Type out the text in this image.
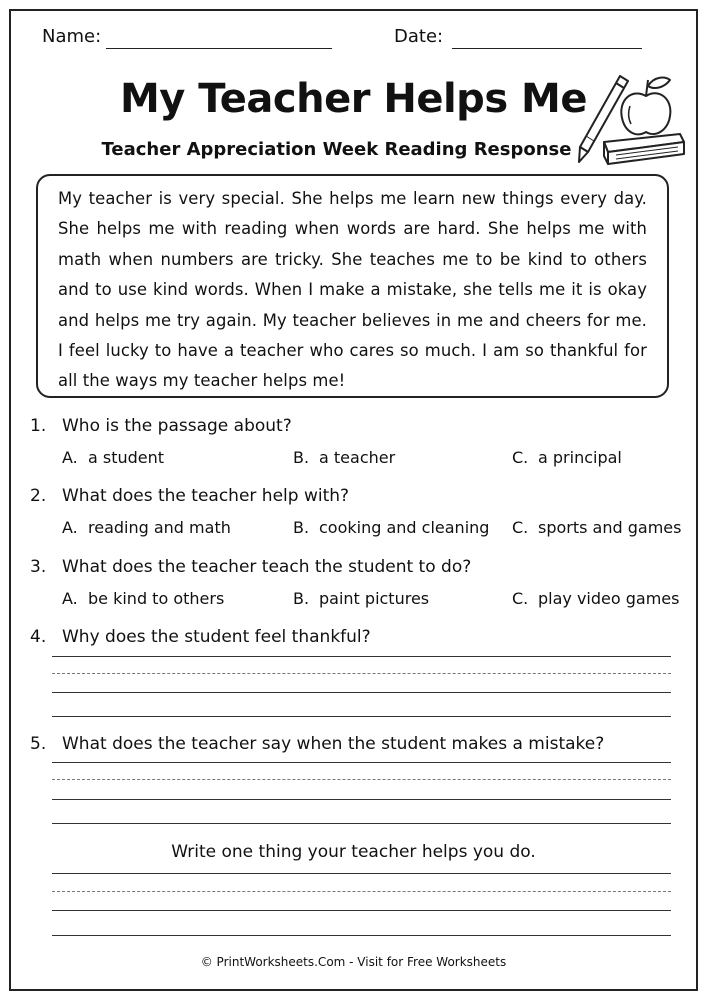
Name:	Date:
My Teacher Helps Me
Teacher Appreciation Week Reading Response

My teacher is very special. She helps me learn new things every day. She helps me with reading when words are hard. She helps me with math when numbers are tricky. She teaches me to be kind to others and to use kind words. When I make a mistake, she tells me it is okay and helps me try again. My teacher believes in me and cheers for me. I feel lucky to have a teacher who cares so much. I am so thankful for all the ways my teacher helps me!

1. Who is the passage about?
A. a student	B. a teacher	C. a principal
2. What does the teacher help with?
A. reading and math	B. cooking and cleaning C. sports and games
3. What does the teacher teach the student to do?
A. be kind to others	B. paint pictures	C. play video games
4. Why does the student feel thankful?
5. What does the teacher say when the student makes a mistake?
Write one thing your teacher helps you do.
© PrintWorksheets.Com - Visit for Free Worksheets
